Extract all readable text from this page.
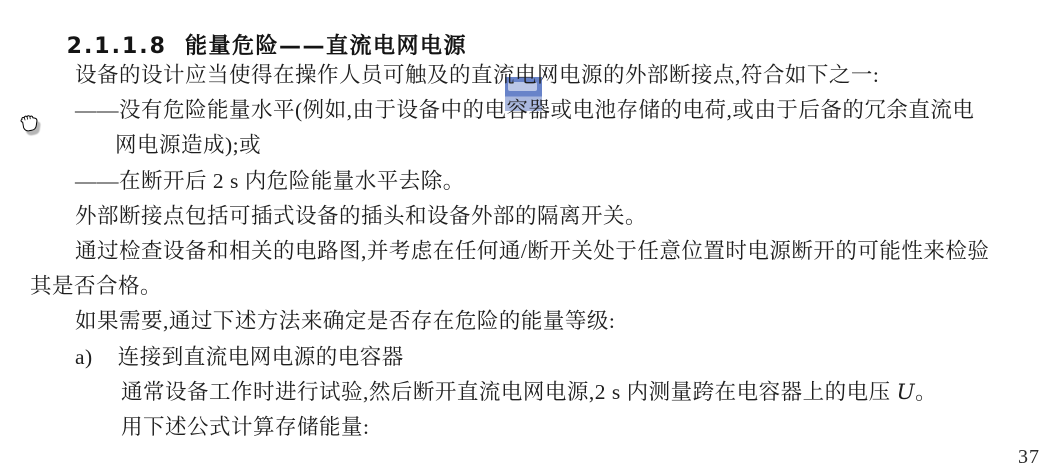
2.1.1.8 能量危险——直流电网电源

设备的设计应当使得在操作人员可触及的直流电网电源的外部断接点,符合如下之一:
——没有危险能量水平(例如,由于设备中的电容器或电池存储的电荷,或由于后备的冗余直流电
网电源造成);或
——在断开后 2 s 内危险能量水平去除。
外部断接点包括可插式设备的插头和设备外部的隔离开关。
通过检查设备和相关的电路图,并考虑在任何通/断开关处于任意位置时电源断开的可能性来检验
其是否合格。
如果需要,通过下述方法来确定是否存在危险的能量等级:
a) 连接到直流电网电源的电容器
通常设备工作时进行试验,然后断开直流电网电源,2 s 内测量跨在电容器上的电压 U。
用下述公式计算存储能量:
37
